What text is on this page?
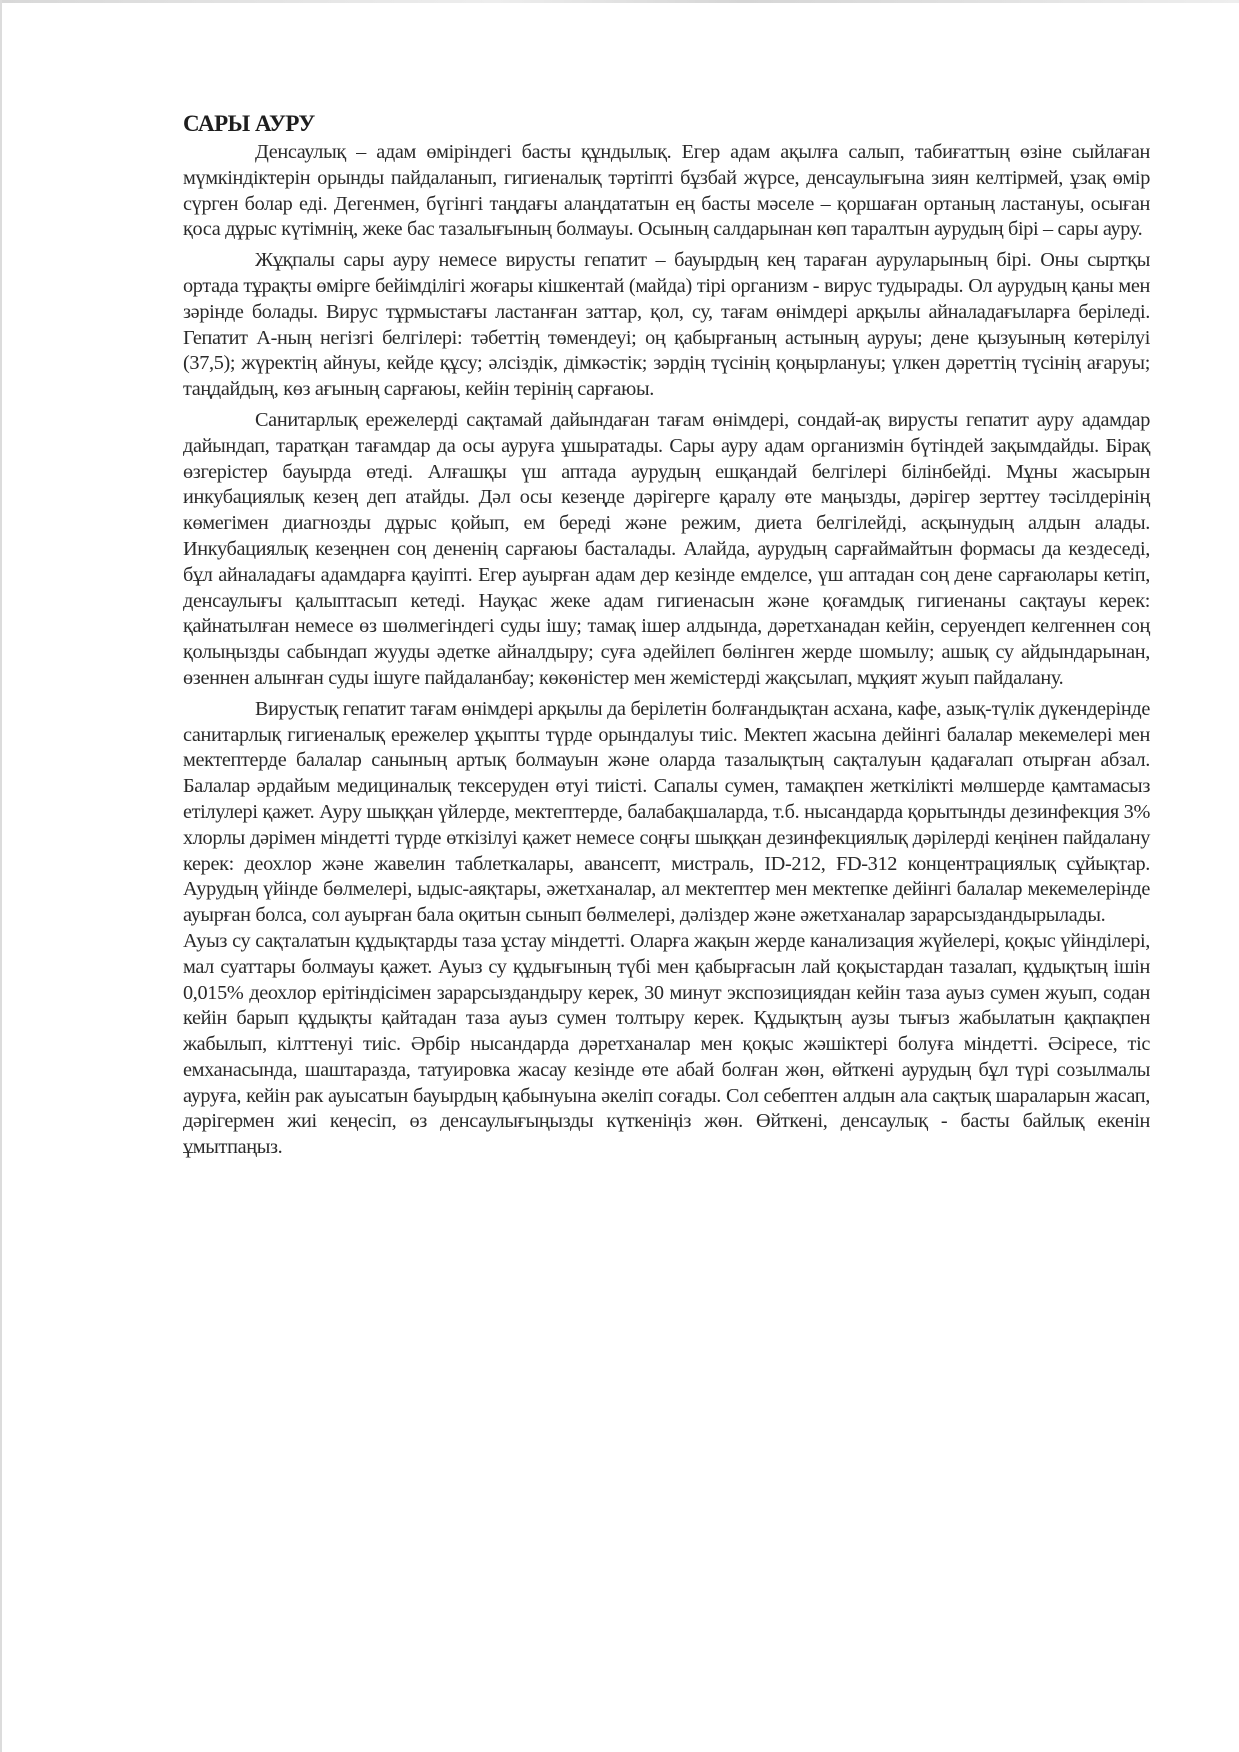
САРЫ АУРУ

Денсаулық – адам өміріндегі басты құндылық. Егер адам ақылға салып, табиғаттың өзіне сыйлаған мүмкіндіктерін орынды пайдаланып, гигиеналық тәртіпті бұзбай жүрсе, денсаулығына зиян келтірмей, ұзақ өмір сүрген болар еді. Дегенмен, бүгінгі таңдағы алаңдататын ең басты мәселе – қоршаған ортаның ластануы, осыған қоса дұрыс күтімнің, жеке бас тазалығының болмауы. Осының салдарынан көп таралтын аурудың бірі – сары ауру.

Жұқпалы сары ауру немесе вирусты гепатит – бауырдың кең тараған ауруларының бірі. Оны сыртқы ортада тұрақты өмірге бейімділігі жоғары кішкентай (майда) тірі организм - вирус тудырады. Ол аурудың қаны мен зәрінде болады. Вирус тұрмыстағы ластанған заттар, қол, су, тағам өнімдері арқылы айналадағыларға беріледі. Гепатит А-ның негізгі белгілері: тәбеттің төмендеуі; оң қабырғаның астының ауруы; дене қызуының көтерілуі (37,5); жүректің айнуы, кейде құсу; әлсіздік, дімкәстік; зәрдің түсінің қоңырлануы; үлкен дәреттің түсінің ағаруы; таңдайдың, көз ағының сарғаюы, кейін терінің сарғаюы.

Санитарлық ережелерді сақтамай дайындаған тағам өнімдері, сондай-ақ вирусты гепатит ауру адамдар дайындап, таратқан тағамдар да осы ауруға ұшыратады. Сары ауру адам организмін бүтіндей зақымдайды. Бірақ өзгерістер бауырда өтеді. Алғашқы үш аптада аурудың ешқандай белгілері білінбейді. Мұны жасырын инкубациялық кезең деп атайды. Дәл осы кезеңде дәрігерге қаралу өте маңызды, дәрігер зерттеу тәсілдерінің көмегімен диагнозды дұрыс қойып, ем береді және режим, диета белгілейді, асқынудың алдын алады. Инкубациялық кезеңнен соң дененің сарғаюы басталады. Алайда, аурудың сарғаймайтын формасы да кездеседі, бұл айналадағы адамдарға қауіпті. Егер ауырған адам дер кезінде емделсе, үш аптадан соң дене сарғаюлары кетіп, денсаулығы қалыптасып кетеді. Науқас жеке адам гигиенасын және қоғамдық гигиенаны сақтауы керек: қайнатылған немесе өз шөлмегіндегі суды ішу; тамақ ішер алдында, дәретханадан кейін, серуендеп келгеннен соң қолыңызды сабындап жууды әдетке айналдыру; суға әдейілеп бөлінген жерде шомылу; ашық су айдындарынан, өзеннен алынған суды ішуге пайдаланбау; көкөністер мен жемістерді жақсылап, мұқият жуып пайдалану.

Вирустық гепатит тағам өнімдері арқылы да берілетін болғандықтан асхана, кафе, азық-түлік дүкендерінде санитарлық гигиеналық ережелер ұқыпты түрде орындалуы тиіс. Мектеп жасына дейінгі балалар мекемелері мен мектептерде балалар санының артық болмауын және оларда тазалықтың сақталуын қадағалап отырған абзал. Балалар әрдайым медициналық тексеруден өтуі тиісті. Сапалы сумен, тамақпен жеткілікті мөлшерде қамтамасыз етілулері қажет. Ауру шыққан үйлерде, мектептерде, балабақшаларда, т.б. нысандарда қорытынды дезинфекция 3% хлорлы дәрімен міндетті түрде өткізілуі қажет немесе соңғы шыққан дезинфекциялық дәрілерді кеңінен пайдалану керек: деохлор және жавелин таблеткалары, авансепт, мистраль, ID-212, FD-312 концентрациялық сұйықтар. Аурудың үйінде бөлмелері, ыдыс-аяқтары, әжетханалар, ал мектептер мен мектепке дейінгі балалар мекемелерінде ауырған болса, сол ауырған бала оқитын сынып бөлмелері, дәліздер және әжетханалар зарарсыздандырылады.

Ауыз су сақталатын құдықтарды таза ұстау міндетті. Оларға жақын жерде канализация жүйелері, қоқыс үйінділері, мал суаттары болмауы қажет. Ауыз су құдығының түбі мен қабырғасын лай қоқыстардан тазалап, құдықтың ішін 0,015% деохлор ерітіндісімен зарарсыздандыру керек, 30 минут экспозициядан кейін таза ауыз сумен жуып, содан кейін барып құдықты қайтадан таза ауыз сумен толтыру керек. Құдықтың аузы тығыз жабылатын қақпақпен жабылып, кілттенуі тиіс. Әрбір нысандарда дәретханалар мен қоқыс жәшіктері болуға міндетті. Әсіресе, тіс емханасында, шаштаразда, татуировка жасау кезінде өте абай болған жөн, өйткені аурудың бұл түрі созылмалы ауруға, кейін рак ауысатын бауырдың қабынуына әкеліп соғады. Сол себептен алдын ала сақтық шараларын жасап, дәрігермен жиі кеңесіп, өз денсаулығыңызды күткеніңіз жөн. Өйткені, денсаулық - басты байлық екенін ұмытпаңыз.
